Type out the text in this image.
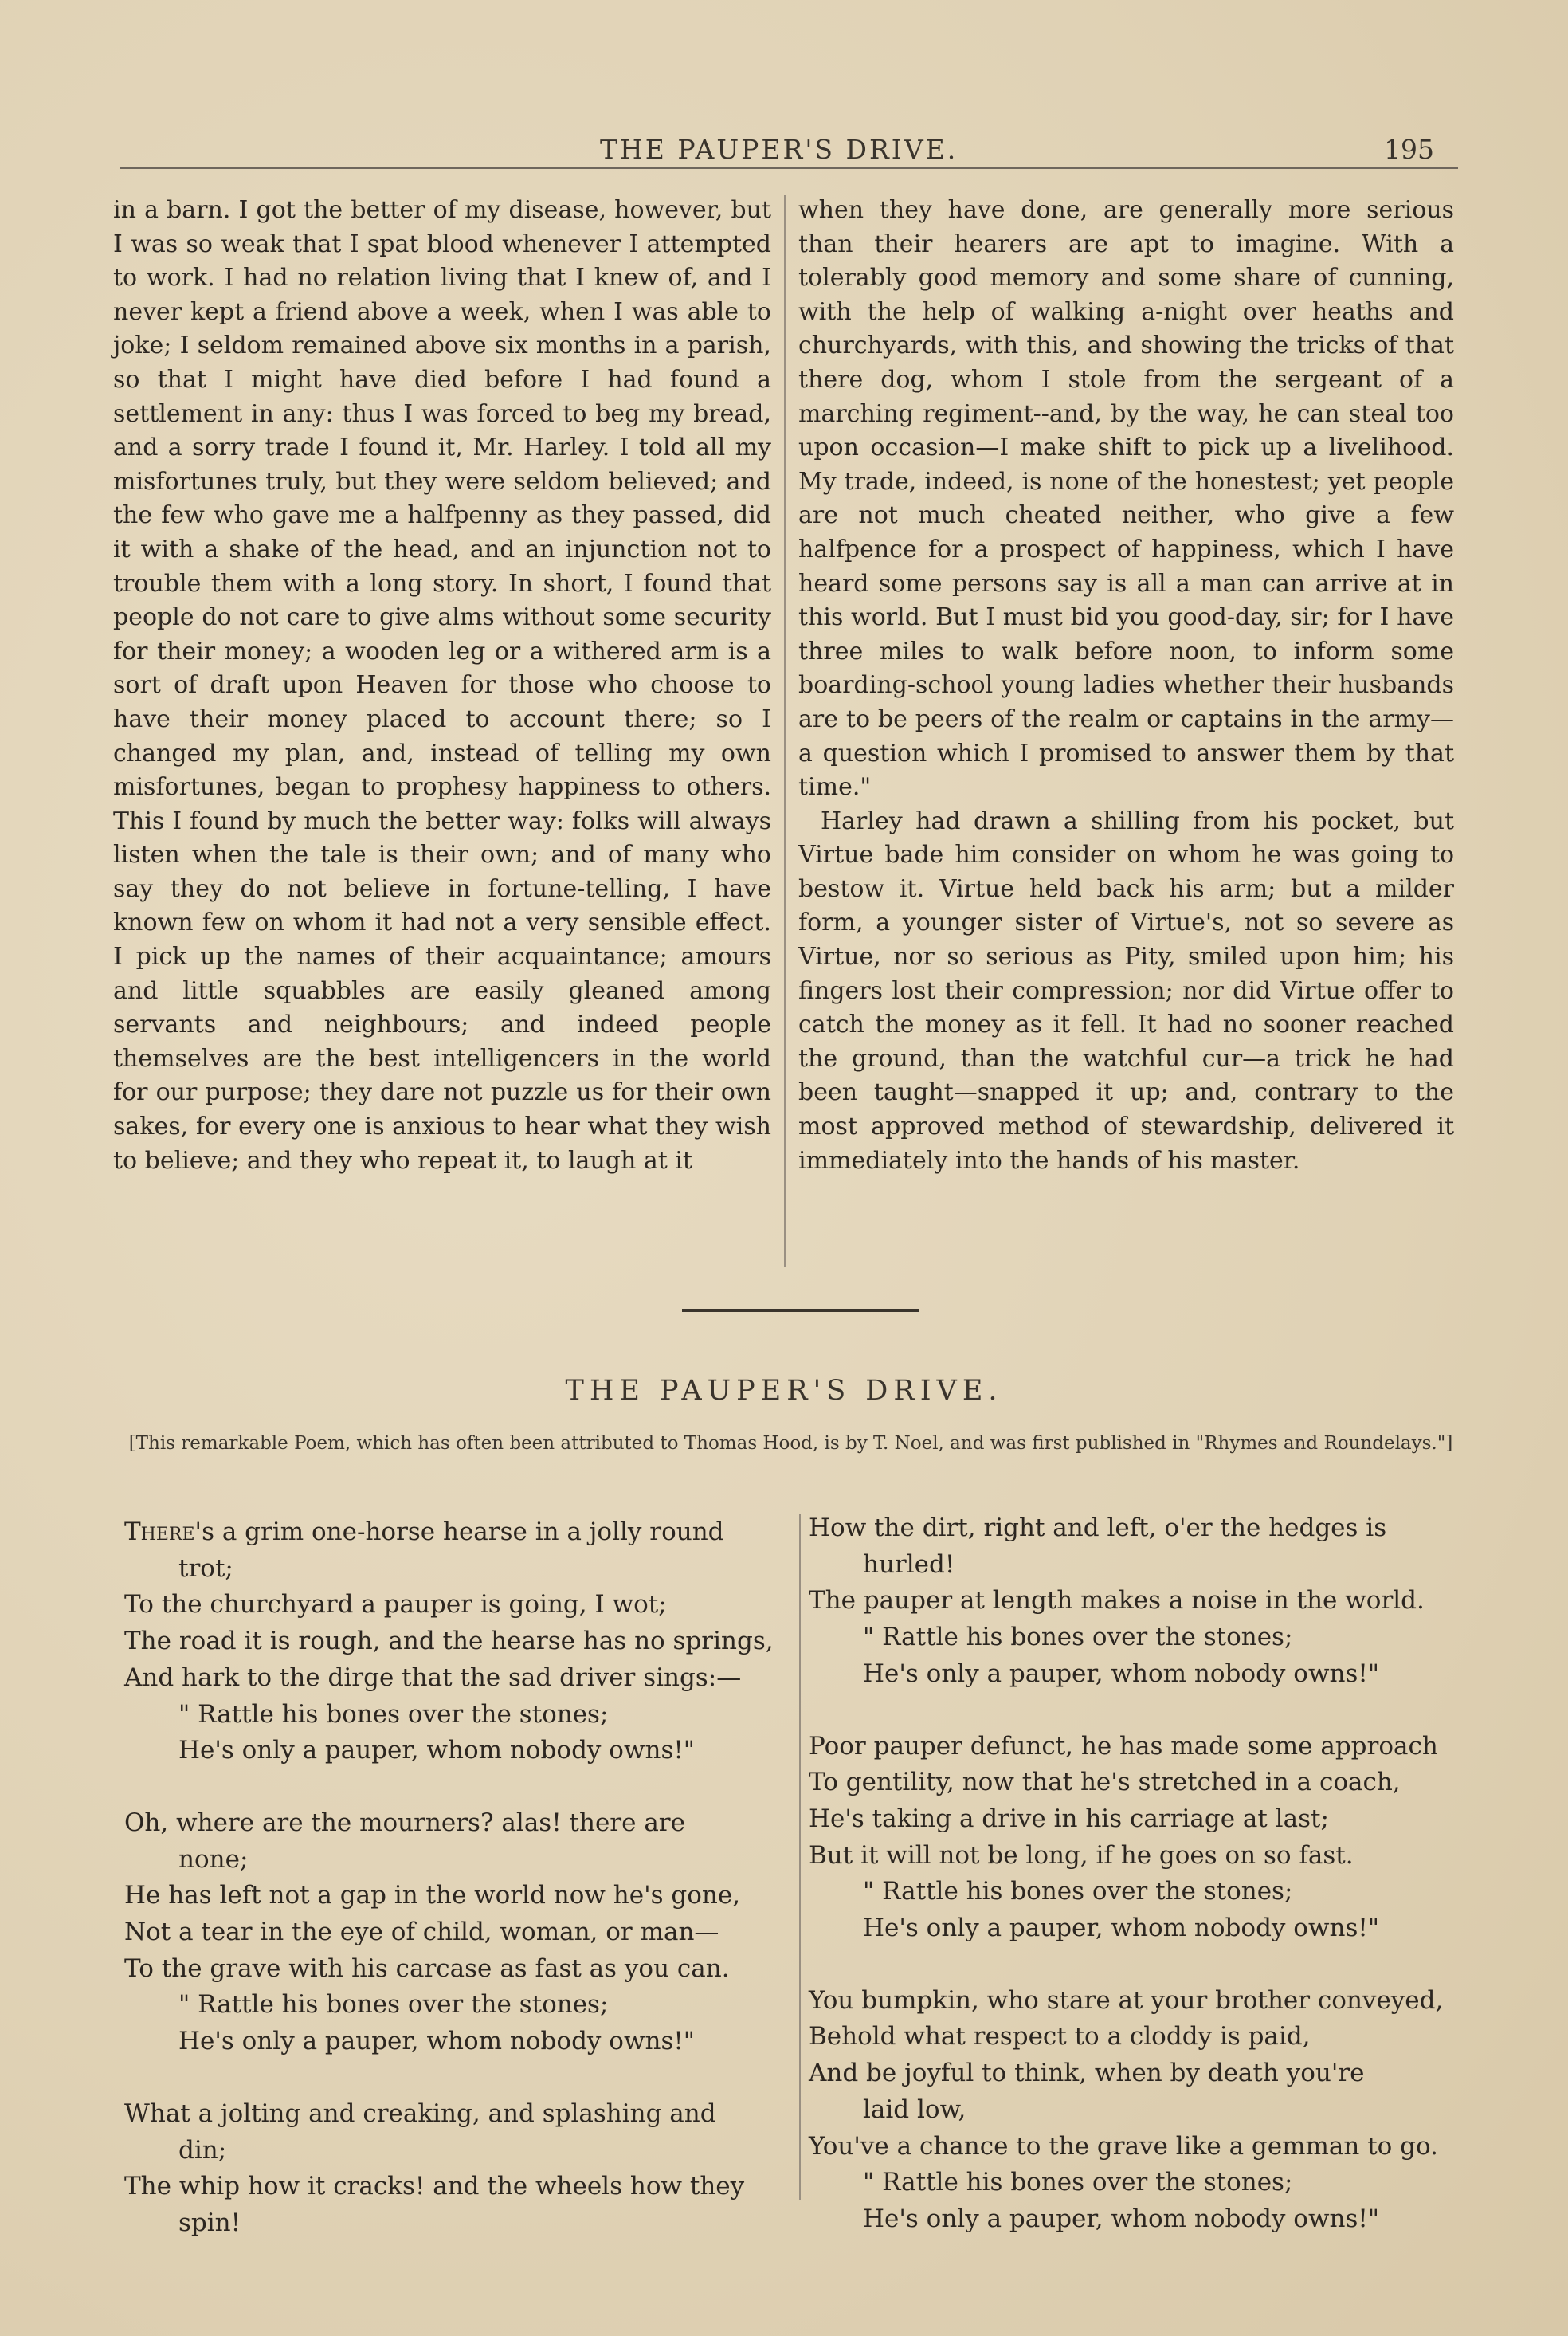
THE PAUPER'S DRIVE.	195

in a barn. I got the better of my disease, however, but I was so weak that I spat blood whenever I attempted to work. I had no relation living that I knew of, and I never kept a friend above a week, when I was able to joke; I seldom remained above six months in a parish, so that I might have died before I had found a settlement in any: thus I was forced to beg my bread, and a sorry trade I found it, Mr. Harley. I told all my misfortunes truly, but they were seldom believed; and the few who gave me a halfpenny as they passed, did it with a shake of the head, and an injunction not to trouble them with a long story. In short, I found that people do not care to give alms without some security for their money; a wooden leg or a withered arm is a sort of draft upon Heaven for those who choose to have their money placed to account there; so I changed my plan, and, instead of telling my own misfortunes, began to prophesy happiness to others. This I found by much the better way: folks will always listen when the tale is their own; and of many who say they do not believe in fortune-telling, I have known few on whom it had not a very sensible effect. I pick up the names of their acquaintance; amours and little squabbles are easily gleaned among servants and neighbours; and indeed people themselves are the best intelligencers in the world for our purpose; they dare not puzzle us for their own sakes, for every one is anxious to hear what they wish to believe; and they who repeat it, to laugh at it

when they have done, are generally more serious than their hearers are apt to imagine. With a tolerably good memory and some share of cunning, with the help of walking a-night over heaths and churchyards, with this, and showing the tricks of that there dog, whom I stole from the sergeant of a marching regiment--and, by the way, he can steal too upon occasion—I make shift to pick up a livelihood. My trade, indeed, is none of the honestest; yet people are not much cheated neither, who give a few halfpence for a prospect of happiness, which I have heard some persons say is all a man can arrive at in this world. But I must bid you good-day, sir; for I have three miles to walk before noon, to inform some boarding-school young ladies whether their husbands are to be peers of the realm or captains in the army—a question which I promised to answer them by that time."

Harley had drawn a shilling from his pocket, but Virtue bade him consider on whom he was going to bestow it. Virtue held back his arm; but a milder form, a younger sister of Virtue's, not so severe as Virtue, nor so serious as Pity, smiled upon him; his fingers lost their compression; nor did Virtue offer to catch the money as it fell. It had no sooner reached the ground, than the watchful cur—a trick he had been taught—snapped it up; and, contrary to the most approved method of stewardship, delivered it immediately into the hands of his master.

THE PAUPER'S DRIVE.
[This remarkable Poem, which has often been attributed to Thomas Hood, is by T. Noel, and was first published in "Rhymes and Roundelays."]
There's a grim one-horse hearse in a jolly round
trot;
To the churchyard a pauper is going, I wot;
The road it is rough, and the hearse has no springs,
And hark to the dirge that the sad driver sings:—
" Rattle his bones over the stones;
He's only a pauper, whom nobody owns!"
Oh, where are the mourners? alas! there are
none;
He has left not a gap in the world now he's gone,
Not a tear in the eye of child, woman, or man—
To the grave with his carcase as fast as you can.
" Rattle his bones over the stones;
He's only a pauper, whom nobody owns!"
What a jolting and creaking, and splashing and
din;
The whip how it cracks! and the wheels how they
spin!
How the dirt, right and left, o'er the hedges is
hurled!
The pauper at length makes a noise in the world.
" Rattle his bones over the stones;
He's only a pauper, whom nobody owns!"
Poor pauper defunct, he has made some approach
To gentility, now that he's stretched in a coach,
He's taking a drive in his carriage at last;
But it will not be long, if he goes on so fast.
" Rattle his bones over the stones;
He's only a pauper, whom nobody owns!"
You bumpkin, who stare at your brother conveyed,
Behold what respect to a cloddy is paid,
And be joyful to think, when by death you're
laid low,
You've a chance to the grave like a gemman to go.
" Rattle his bones over the stones;
He's only a pauper, whom nobody owns!"
